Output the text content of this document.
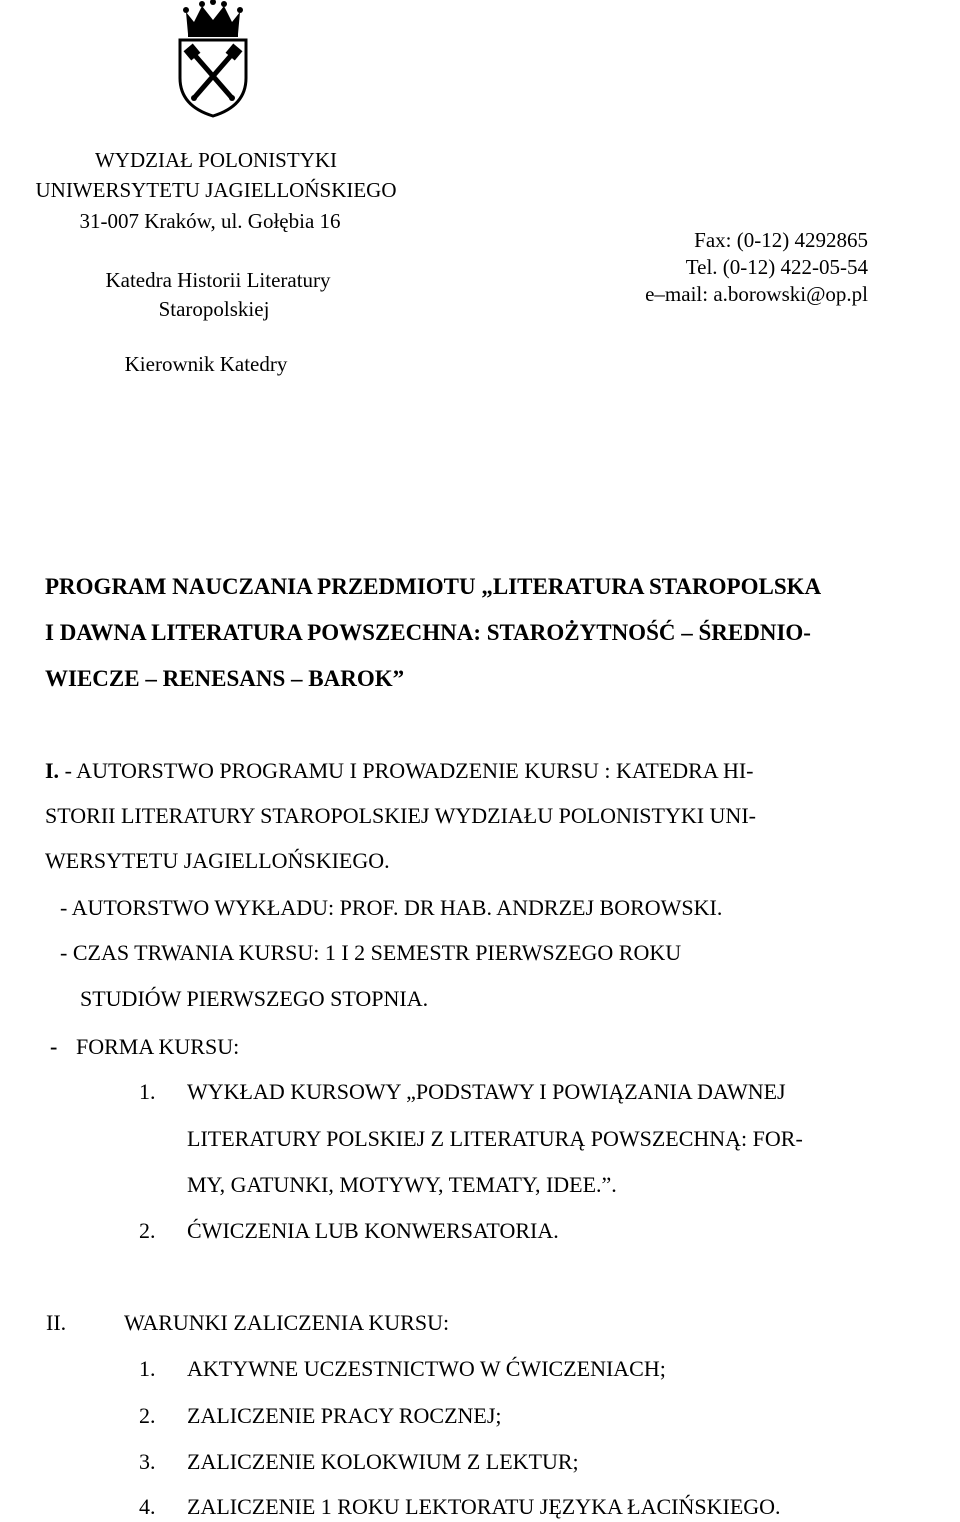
WYDZIAŁ POLONISTYKI
UNIWERSYTETU JAGIELLOŃSKIEGO
31-007 Kraków, ul. Gołębia 16
Katedra Historii Literatury
Staropolskiej
Kierownik Katedry
Fax: (0-12) 4292865
Tel. (0-12) 422-05-54
e–mail: a.borowski@op.pl
PROGRAM NAUCZANIA PRZEDMIOTU „LITERATURA STAROPOLSKA
I DAWNA LITERATURA POWSZECHNA: STAROŻYTNOŚĆ – ŚREDNIO-
WIECZE – RENESANS – BAROK”
I. - AUTORSTWO PROGRAMU I PROWADZENIE KURSU : KATEDRA HI-
STORII LITERATURY STAROPOLSKIEJ WYDZIAŁU POLONISTYKI UNI-
WERSYTETU JAGIELLOŃSKIEGO.
- AUTORSTWO WYKŁADU: PROF. DR HAB. ANDRZEJ BOROWSKI.
- CZAS TRWANIA KURSU: 1 I 2 SEMESTR PIERWSZEGO ROKU
STUDIÓW PIERWSZEGO STOPNIA.
- FORMA KURSU:
1. WYKŁAD KURSOWY „PODSTAWY I POWIĄZANIA DAWNEJ
LITERATURY POLSKIEJ Z LITERATURĄ POWSZECHNĄ: FOR-
MY, GATUNKI, MOTYWY, TEMATY, IDEE.”.
2. ĆWICZENIA LUB KONWERSATORIA.
II.	WARUNKI ZALICZENIA KURSU:
1. AKTYWNE UCZESTNICTWO W ĆWICZENIACH;
2. ZALICZENIE PRACY ROCZNEJ;
3. ZALICZENIE KOLOKWIUM Z LEKTUR;
4. ZALICZENIE 1 ROKU LEKTORATU JĘZYKA ŁACIŃSKIEGO.
